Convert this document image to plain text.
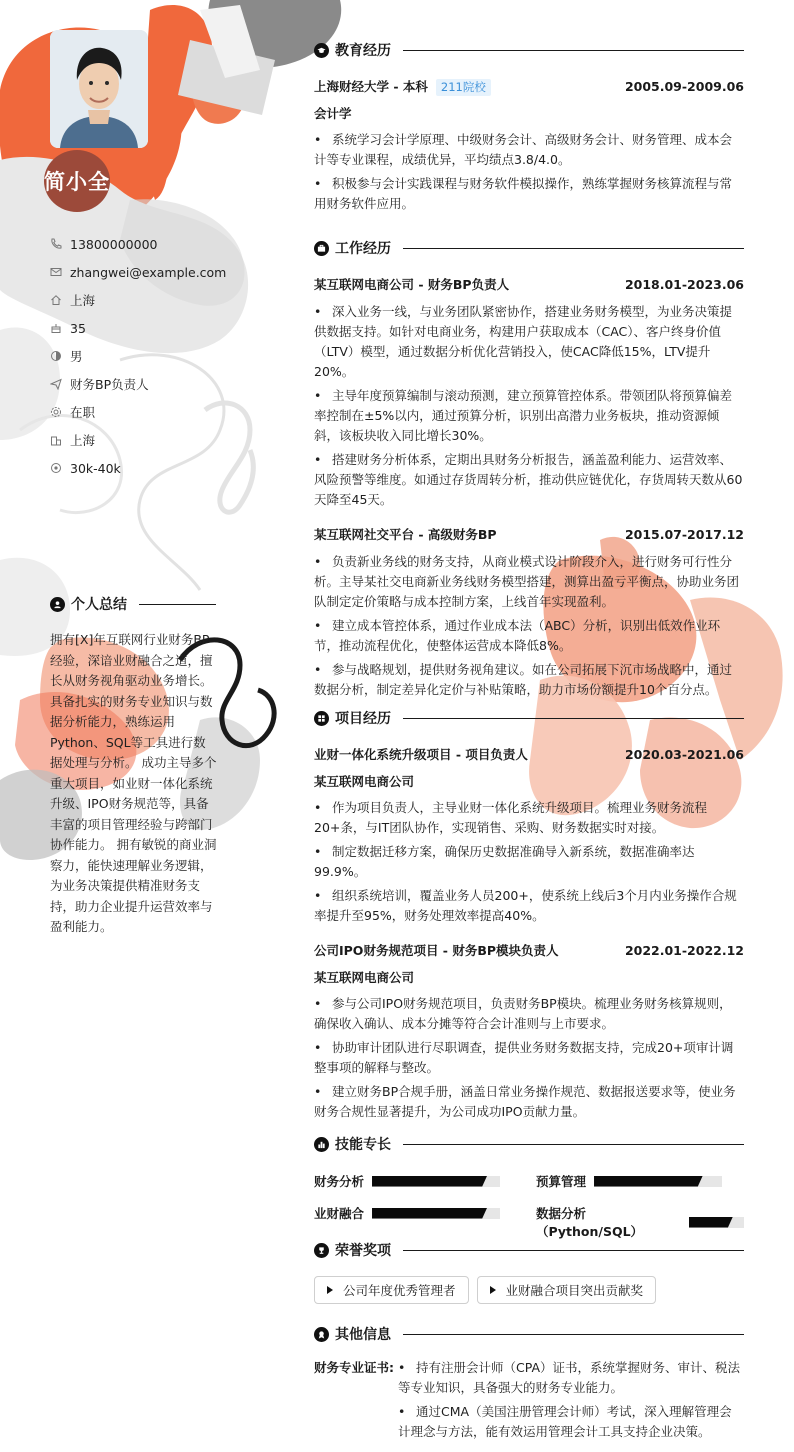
简小全
13800000000
zhangwei@example.com
上海
35
男
财务BP负责人
在职
上海
30k-40k
个人总结
拥有[X]年互联网行业财务BP经验，深谙业财融合之道，擅长从财务视角驱动业务增长。 具备扎实的财务专业知识与数据分析能力，熟练运用Python、SQL等工具进行数据处理与分析。 成功主导多个重大项目，如业财一体化系统升级、IPO财务规范等，具备丰富的项目管理经验与跨部门协作能力。 拥有敏锐的商业洞察力，能快速理解业务逻辑，为业务决策提供精准财务支持，助力企业提升运营效率与盈利能力。
教育经历
上海财经大学 - 本科 211院校	2005.09-2009.06
会计学
• 系统学习会计学原理、中级财务会计、高级财务会计、财务管理、成本会计等专业课程，成绩优异，平均绩点3.8/4.0。
• 积极参与会计实践课程与财务软件模拟操作，熟练掌握财务核算流程与常用财务软件应用。
工作经历
某互联网电商公司 - 财务BP负责人	2018.01-2023.06
• 深入业务一线，与业务团队紧密协作，搭建业务财务模型，为业务决策提供数据支持。如针对电商业务，构建用户获取成本（CAC）、客户终身价值（LTV）模型，通过数据分析优化营销投入，使CAC降低15%，LTV提升20%。
• 主导年度预算编制与滚动预测，建立预算管控体系。带领团队将预算偏差率控制在±5%以内，通过预算分析，识别出高潜力业务板块，推动资源倾斜，该板块收入同比增长30%。
• 搭建财务分析体系，定期出具财务分析报告，涵盖盈利能力、运营效率、风险预警等维度。如通过存货周转分析，推动供应链优化，存货周转天数从60天降至45天。
某互联网社交平台 - 高级财务BP	2015.07-2017.12
• 负责新业务线的财务支持，从商业模式设计阶段介入，进行财务可行性分析。主导某社交电商新业务线财务模型搭建，测算出盈亏平衡点，协助业务团队制定定价策略与成本控制方案，上线首年实现盈利。
• 建立成本管控体系，通过作业成本法（ABC）分析，识别出低效作业环节，推动流程优化，使整体运营成本降低8%。
• 参与战略规划，提供财务视角建议。如在公司拓展下沉市场战略中，通过数据分析，制定差异化定价与补贴策略，助力市场份额提升10个百分点。
项目经历
业财一体化系统升级项目 - 项目负责人	2020.03-2021.06
某互联网电商公司
• 作为项目负责人，主导业财一体化系统升级项目。梳理业务财务流程20+条，与IT团队协作，实现销售、采购、财务数据实时对接。
• 制定数据迁移方案，确保历史数据准确导入新系统，数据准确率达99.9%。
• 组织系统培训，覆盖业务人员200+，使系统上线后3个月内业务操作合规率提升至95%，财务处理效率提高40%。
公司IPO财务规范项目 - 财务BP模块负责人	2022.01-2022.12
某互联网电商公司
• 参与公司IPO财务规范项目，负责财务BP模块。梳理业务财务核算规则，确保收入确认、成本分摊等符合会计准则与上市要求。
• 协助审计团队进行尽职调查，提供业务财务数据支持，完成20+项审计调整事项的解释与整改。
• 建立财务BP合规手册，涵盖日常业务操作规范、数据报送要求等，使业务财务合规性显著提升，为公司成功IPO贡献力量。
技能专长
财务分析	预算管理
业财融合	数据分析（Python/SQL）
荣誉奖项
公司年度优秀管理者	业财融合项目突出贡献奖
其他信息
财务专业证书:
•	持有注册会计师（CPA）证书，系统掌握财务、审计、税法等专业知识，具备强大的财务专业能力。
• 通过CMA（美国注册管理会计师）考试，深入理解管理会计理念与方法，能有效运用管理会计工具支持企业决策。
